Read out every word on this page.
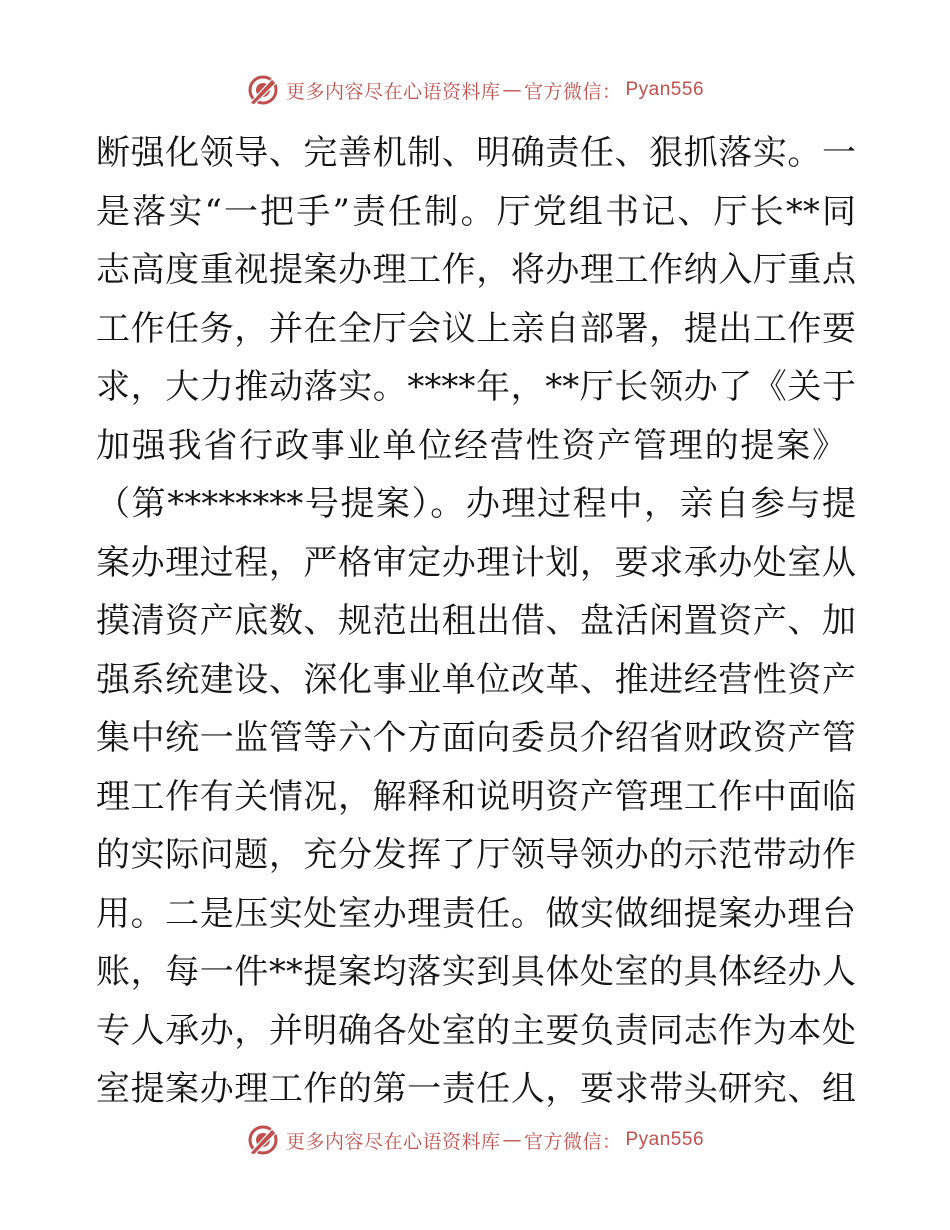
更多内容尽在心语资料库 — 官方微信： Pyan556
断强化领导、完善机制、明确责任、狠抓落实。一
是落实“一把手”责任制。厅党组书记、厅长**同
志高度重视提案办理工作，将办理工作纳入厅重点
工作任务，并在全厅会议上亲自部署，提出工作要
求，大力推动落实。****年，**厅长领办了《关于
加强我省行政事业单位经营性资产管理的提案》
（第********号提案）。办理过程中，亲自参与提
案办理过程，严格审定办理计划，要求承办处室从
摸清资产底数、规范出租出借、盘活闲置资产、加
强系统建设、深化事业单位改革、推进经营性资产
集中统一监管等六个方面向委员介绍省财政资产管
理工作有关情况，解释和说明资产管理工作中面临
的实际问题，充分发挥了厅领导领办的示范带动作
用。二是压实处室办理责任。做实做细提案办理台
账，每一件**提案均落实到具体处室的具体经办人
专人承办，并明确各处室的主要负责同志作为本处
室提案办理工作的第一责任人，要求带头研究、组
更多内容尽在心语资料库 — 官方微信： Pyan556
